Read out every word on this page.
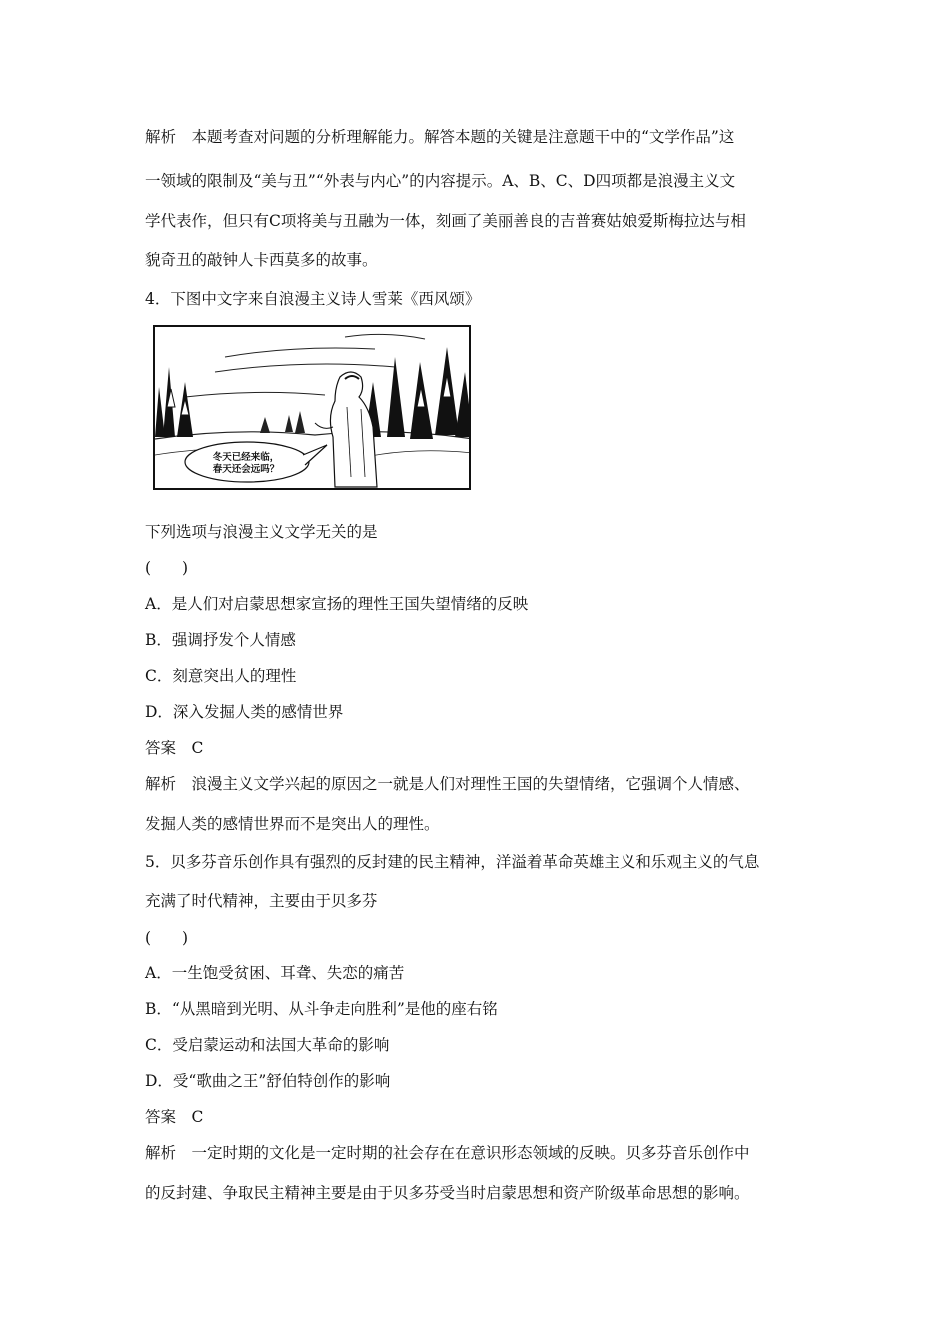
解析　本题考查对问题的分析理解能力。解答本题的关键是注意题干中的“文学作品”这
一领域的限制及“美与丑”“外表与内心”的内容提示。A、B、C、D四项都是浪漫主义文
学代表作，但只有C项将美与丑融为一体，刻画了美丽善良的吉普赛姑娘爱斯梅拉达与相
貌奇丑的敲钟人卡西莫多的故事。
4．下图中文字来自浪漫主义诗人雪莱《西风颂》
冬天已经来临，
春天还会远吗？
下列选项与浪漫主义文学无关的是
(　　)
A．是人们对启蒙思想家宣扬的理性王国失望情绪的反映
B．强调抒发个人情感
C．刻意突出人的理性
D．深入发掘人类的感情世界
答案　C
解析　浪漫主义文学兴起的原因之一就是人们对理性王国的失望情绪，它强调个人情感、
发掘人类的感情世界而不是突出人的理性。
5．贝多芬音乐创作具有强烈的反封建的民主精神，洋溢着革命英雄主义和乐观主义的气息
充满了时代精神，主要由于贝多芬
(　　)
A．一生饱受贫困、耳聋、失恋的痛苦
B．“从黑暗到光明、从斗争走向胜利”是他的座右铭
C．受启蒙运动和法国大革命的影响
D．受“歌曲之王”舒伯特创作的影响
答案　C
解析　一定时期的文化是一定时期的社会存在在意识形态领域的反映。贝多芬音乐创作中
的反封建、争取民主精神主要是由于贝多芬受当时启蒙思想和资产阶级革命思想的影响。
